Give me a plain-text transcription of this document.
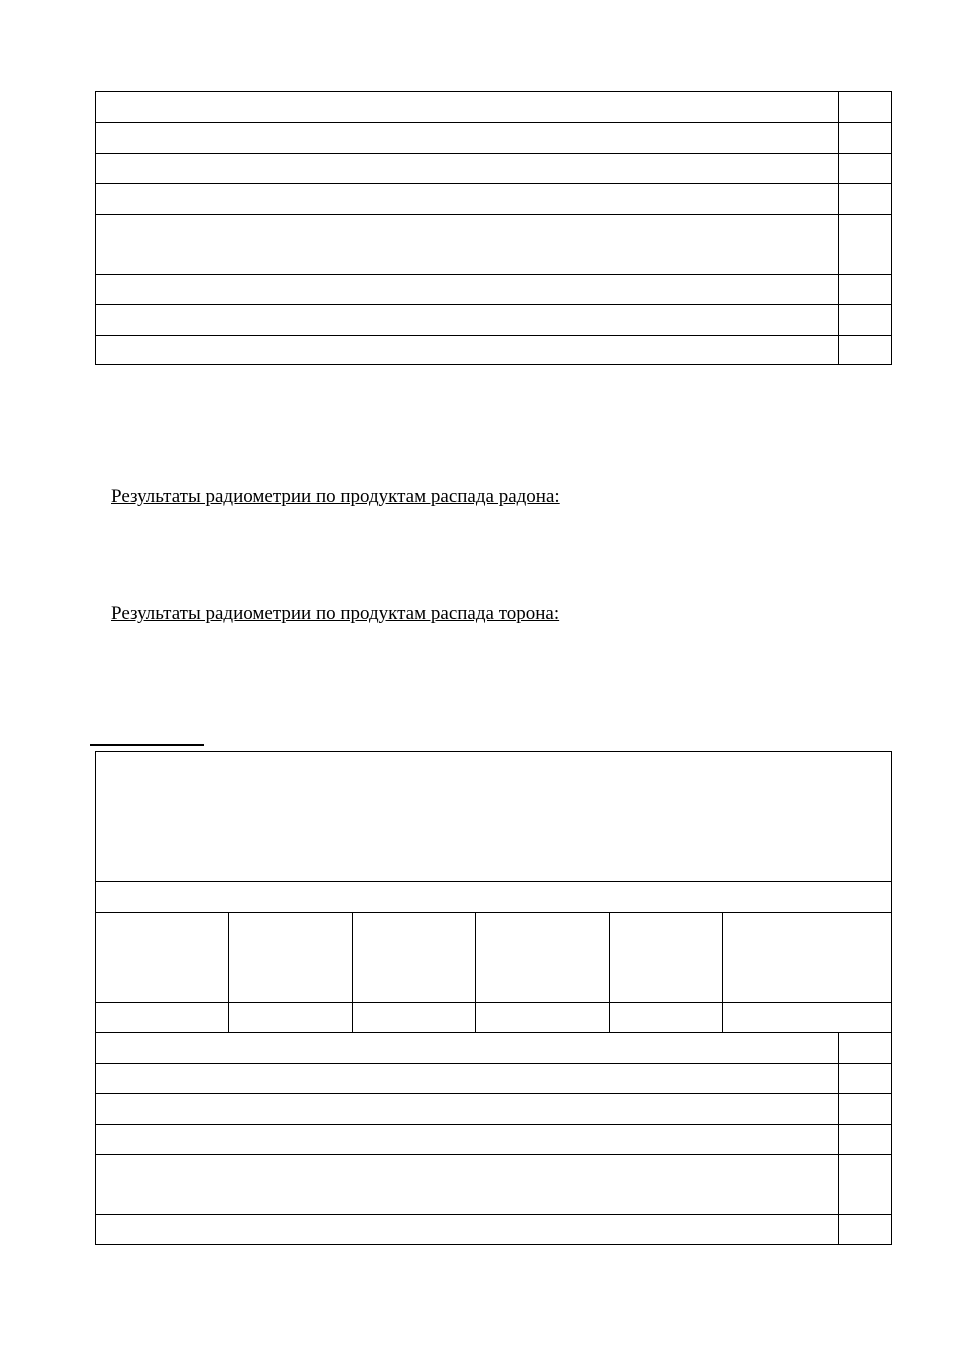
Результаты радиометрии по продуктам распада радона:
Результаты радиометрии по продуктам распада торона:
